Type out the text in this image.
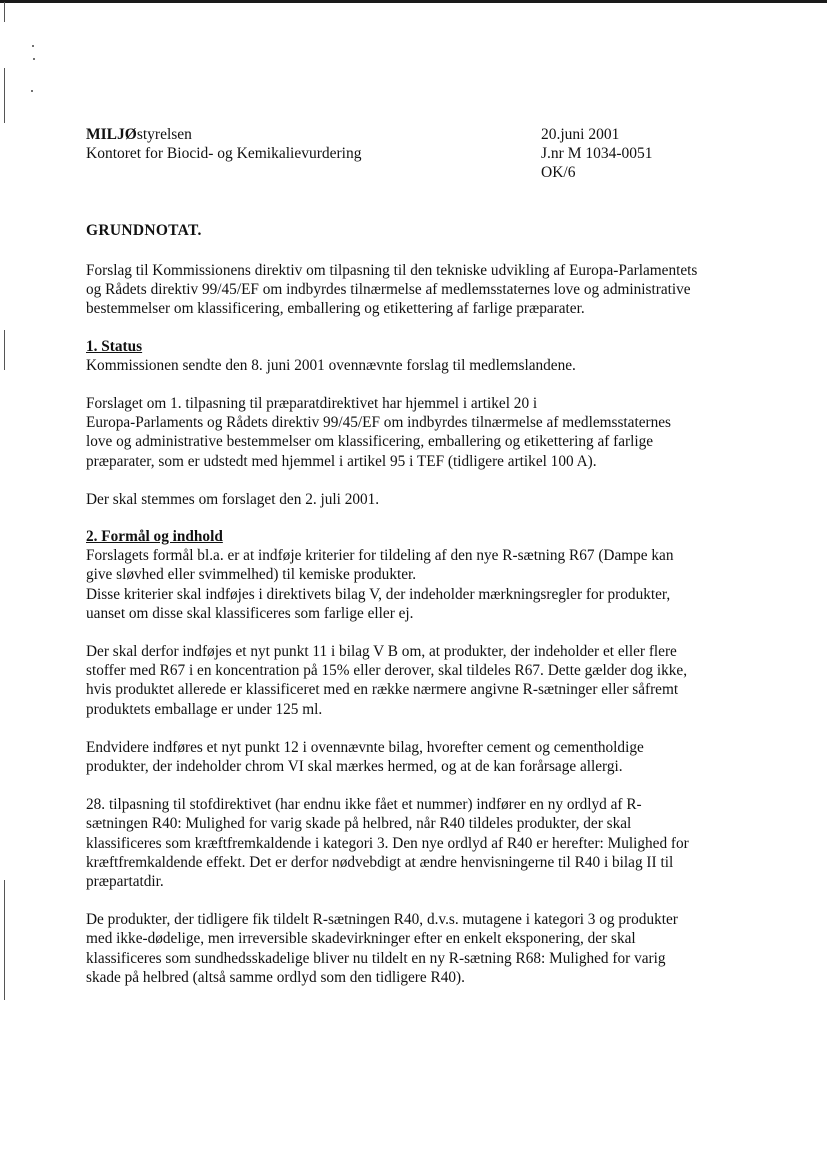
MILJØstyrelsen
Kontoret for Biocid- og Kemikalievurdering
20.juni 2001
J.nr M 1034-0051
OK/6
GRUNDNOTAT.

Forslag til Kommissionens direktiv om tilpasning til den tekniske udvikling af Europa-Parlamentets
og Rådets direktiv 99/45/EF om indbyrdes tilnærmelse af medlemsstaternes love og administrative
bestemmelser om klassificering, emballering og etikettering af farlige præparater.

1. Status

Kommissionen sendte den 8. juni 2001 ovennævnte forslag til medlemslandene.

Forslaget om 1. tilpasning til præparatdirektivet har hjemmel i artikel 20 i
Europa-Parlaments og Rådets direktiv 99/45/EF om indbyrdes tilnærmelse af medlemsstaternes
love og administrative bestemmelser om klassificering, emballering og etikettering af farlige
præparater, som er udstedt med hjemmel i artikel 95 i TEF (tidligere artikel 100 A).

Der skal stemmes om forslaget den 2. juli 2001.

2. Formål og indhold

Forslagets formål bl.a. er at indføje kriterier for tildeling af den nye R-sætning R67 (Dampe kan
give sløvhed eller svimmelhed) til kemiske produkter.
Disse kriterier skal indføjes i direktivets bilag V, der indeholder mærkningsregler for produkter,
uanset om disse skal klassificeres som farlige eller ej.

Der skal derfor indføjes et nyt punkt 11 i bilag V B om, at produkter, der indeholder et eller flere
stoffer med R67 i en koncentration på 15% eller derover, skal tildeles R67. Dette gælder dog ikke,
hvis produktet allerede er klassificeret med en række nærmere angivne R-sætninger eller såfremt
produktets emballage er under 125 ml.

Endvidere indføres et nyt punkt 12 i ovennævnte bilag, hvorefter cement og cementholdige
produkter, der indeholder chrom VI skal mærkes hermed, og at de kan forårsage allergi.

28. tilpasning til stofdirektivet (har endnu ikke fået et nummer) indfører en ny ordlyd af R-
sætningen R40: Mulighed for varig skade på helbred, når R40 tildeles produkter, der skal
klassificeres som kræftfremkaldende i kategori 3. Den nye ordlyd af R40 er herefter: Mulighed for
kræftfremkaldende effekt. Det er derfor nødvebdigt at ændre henvisningerne til R40 i bilag II til
præpartatdir.

De produkter, der tidligere fik tildelt R-sætningen R40, d.v.s. mutagene i kategori 3 og produkter
med ikke-dødelige, men irreversible skadevirkninger efter en enkelt eksponering, der skal
klassificeres som sundhedsskadelige bliver nu tildelt en ny R-sætning R68: Mulighed for varig
skade på helbred (altså samme ordlyd som den tidligere R40).
